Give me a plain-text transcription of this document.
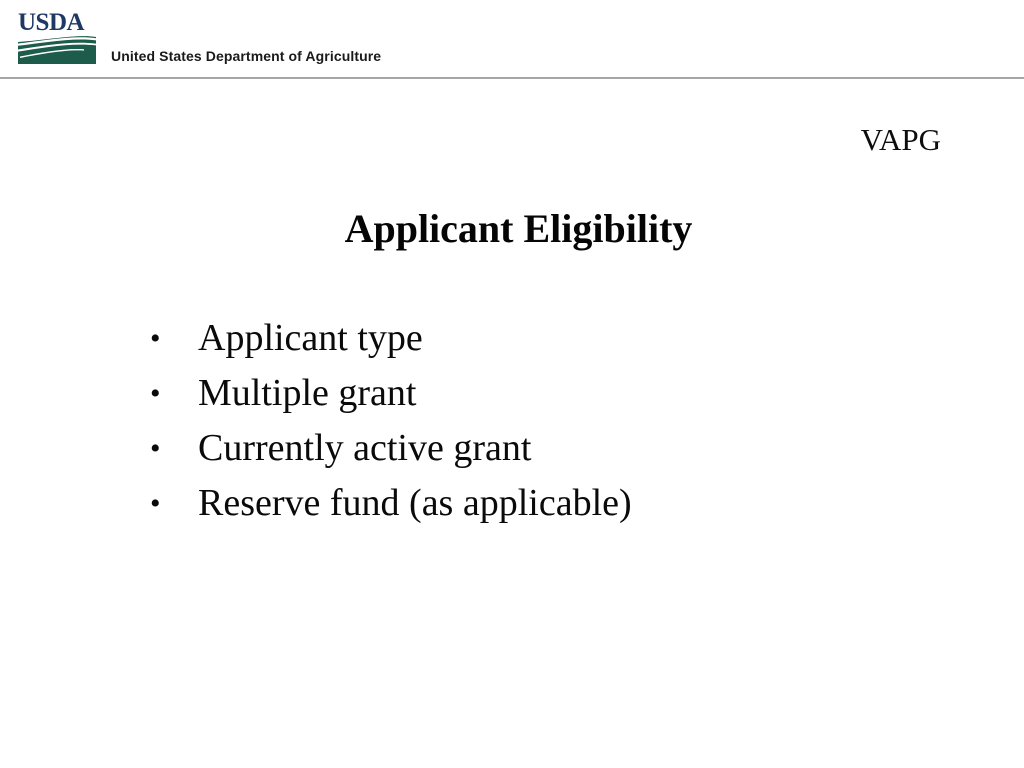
USDA
United States Department of Agriculture
VAPG
Applicant Eligibility
• Applicant type
• Multiple grant
• Currently active grant
• Reserve fund (as applicable)
